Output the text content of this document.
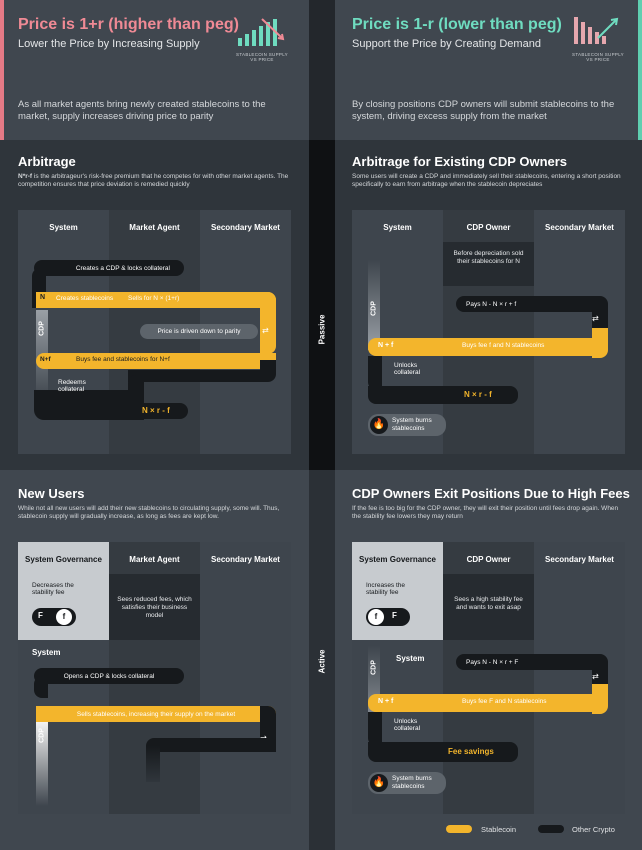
Passive
Active
Price is 1+r (higher than peg)
Lower the Price by Increasing Supply
STABLECOIN SUPPLY VS PRICE
As all market agents bring newly created stablecoins to the market, supply increases driving price to parity
Price is 1-r (lower than peg)
Support the Price by Creating Demand
STABLECOIN SUPPLY VS PRICE
By closing positions CDP owners will submit stablecoins to the system, driving excess supply from the market
Arbitrage
N*r-f is the arbitrageur's risk-free premium that he competes for with other market agents. The competition ensures that price deviation is remedied quickly
System	Market Agent	Secondary Market
Creates a CDP & locks collateral
CDP
N Creates stablecoins Sells for N × (1+r)
Price is driven down to parity	⇄
N+f	Buys fee and stablecoins for N+f
Redeems collateral
N × r - f
Arbitrage for Existing CDP Owners
Some users will create a CDP and immediately sell their stablecoins, entering a short position specifically to earn from arbitrage when the stablecoin depreciates
System	CDP Owner	Secondary Market
Before depreciation sold their stablecoins for N
CDP	Pays N - N × r + f
⇄
N + f	Buys fee f and N stablecoins
Unlocks collateral
N × r - f
🔥	System burns stablecoins
New Users
While not all new users will add their new stablecoins to circulating supply, some will. Thus, stablecoin supply will gradually increase, as long as fees are kept low.
System Governance	Market Agent	Secondary Market
Decreases the stability fee
F	f
Sees reduced fees, which satisfies their business model
System
Opens a CDP & locks collateral
Sells stablecoins, increasing their supply on the market
CDP
CDP Owners Exit Positions Due to High Fees
If the fee is too big for the CDP owner, they will exit their position until fees drop again. When the stability fee lowers they may return
System Governance	CDP Owner	Secondary Market
Increases the stability fee
f	F
Sees a high stability fee and wants to exit asap
System
CDP	Pays N - N × r + F
⇄
N + f	Buys fee F and N stablecoins
Unlocks collateral
Fee savings
🔥	System burns stablecoins
Stablecoin	Other Crypto
